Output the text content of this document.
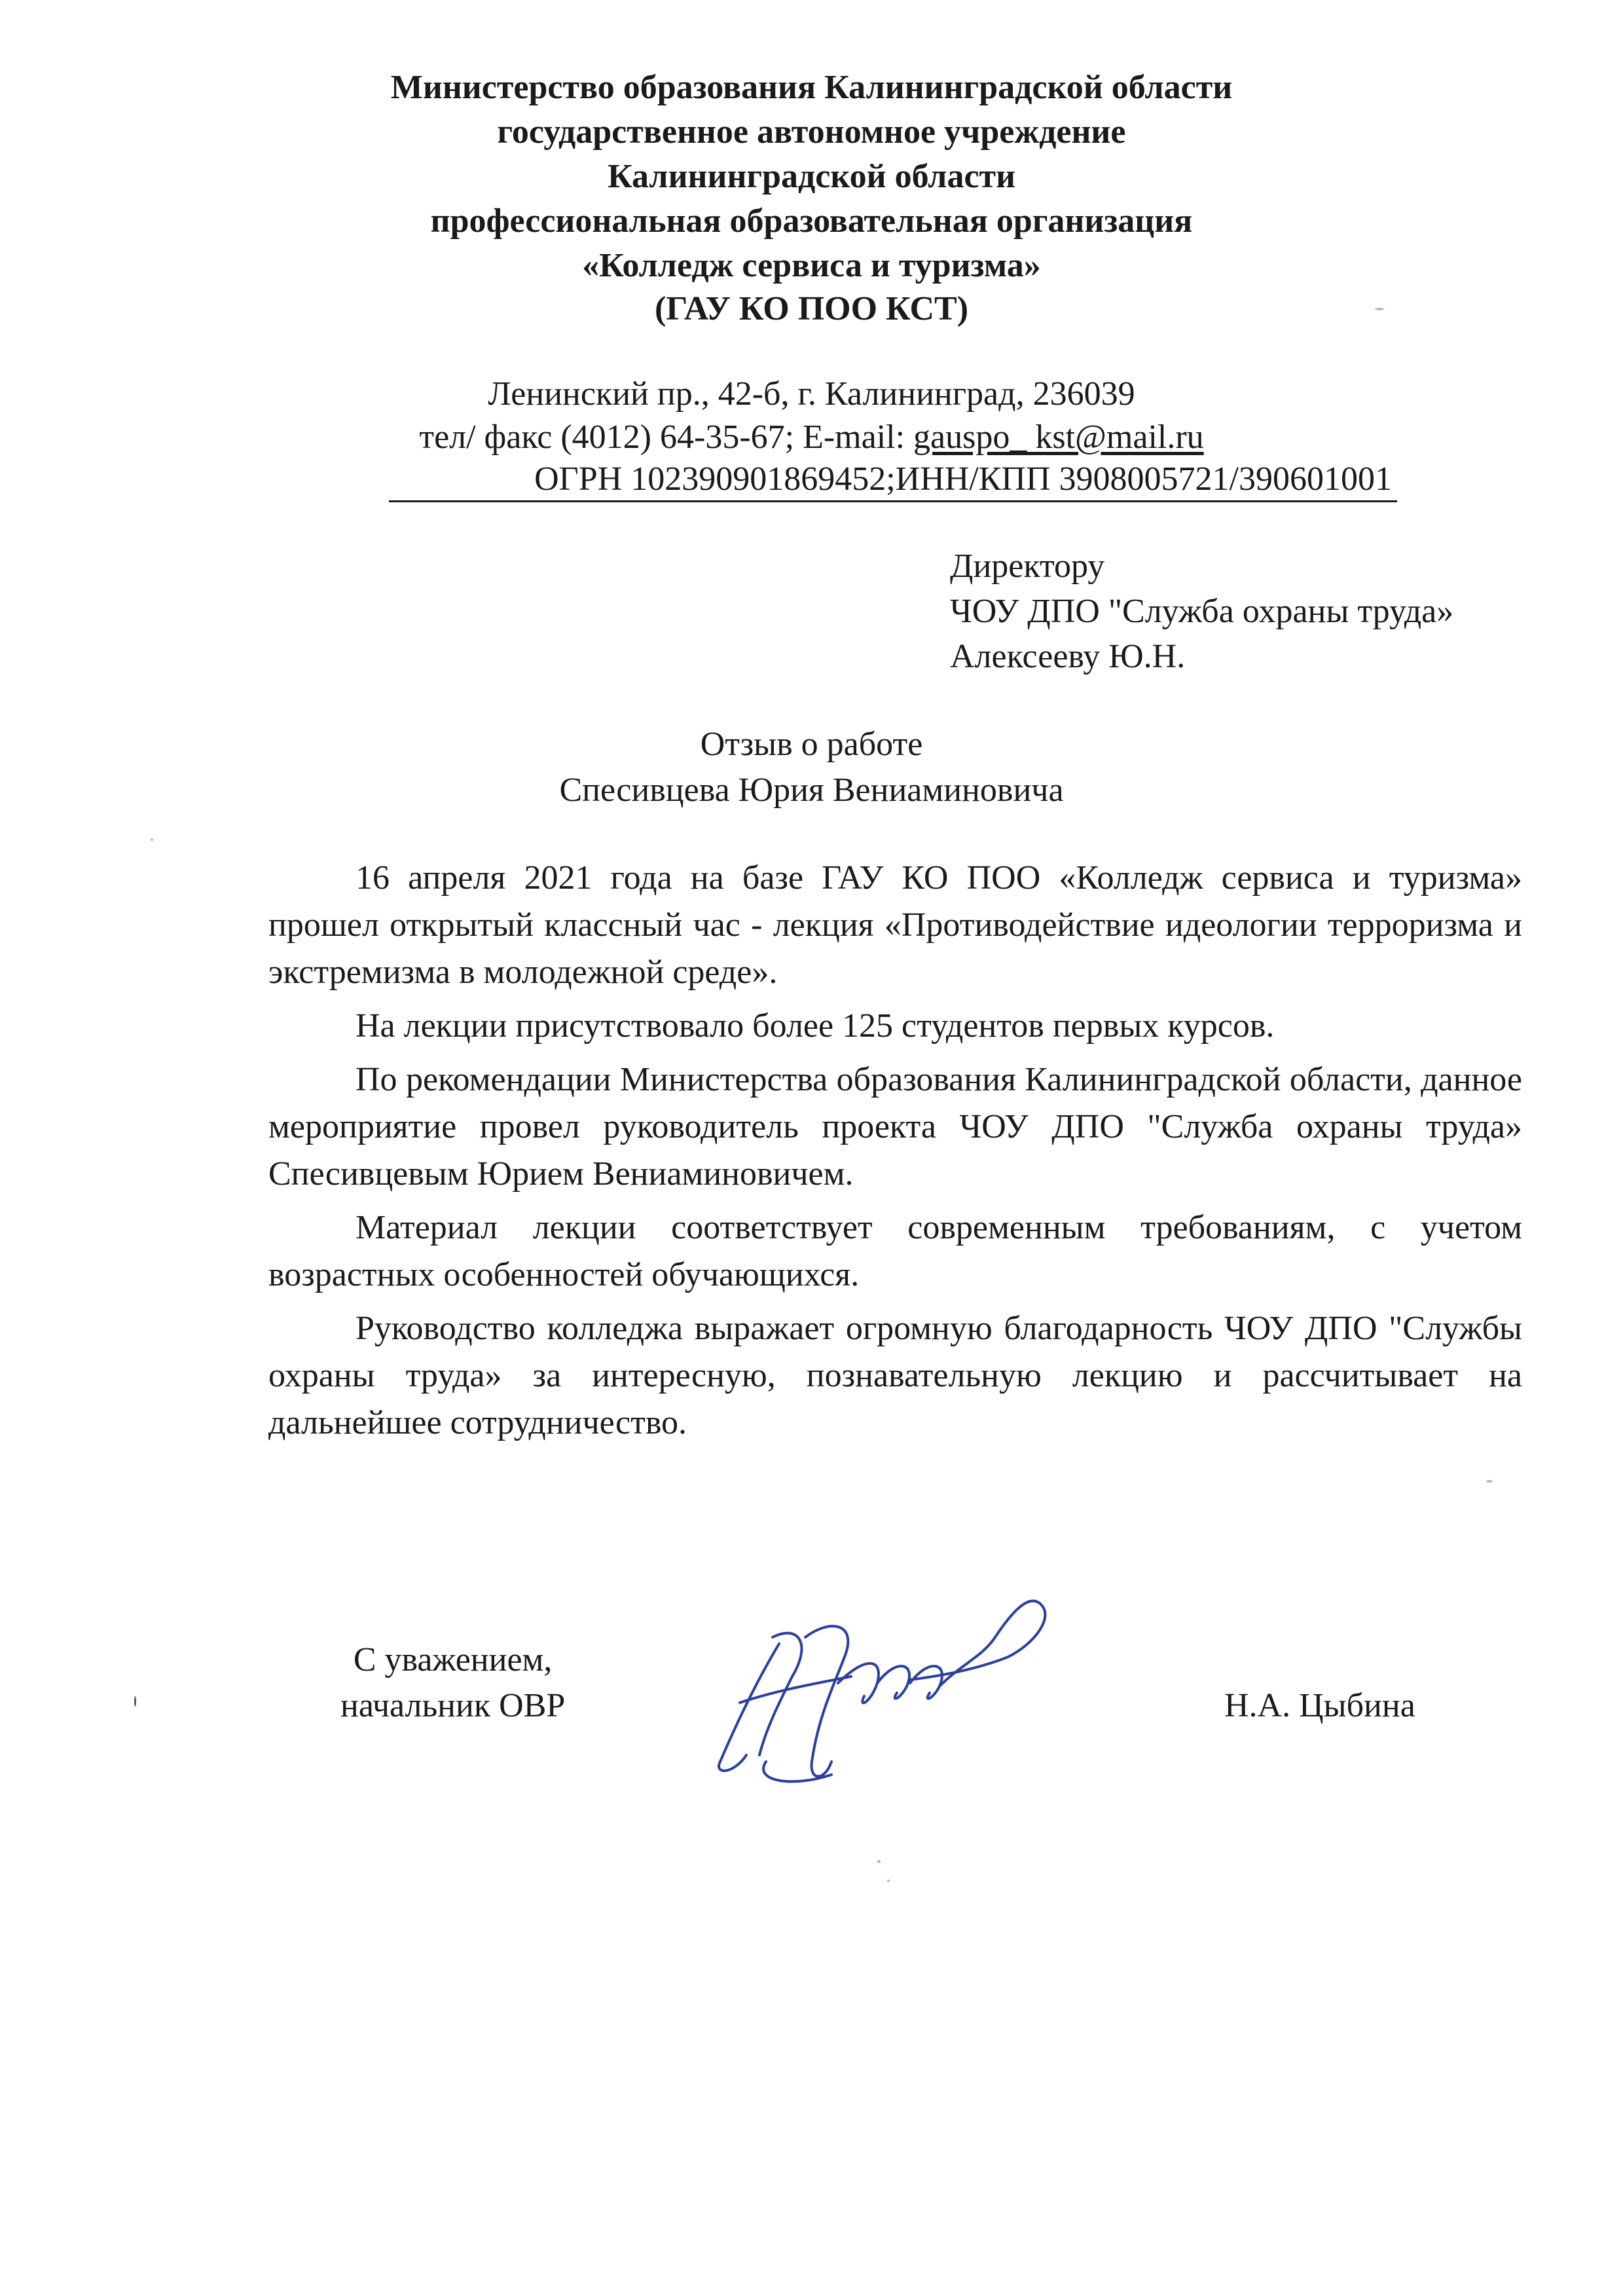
Министерство образования Калининградской области
государственное автономное учреждение
Калининградской области
профессиональная образовательная организация
«Колледж сервиса и туризма»
(ГАУ КО ПОО КСТ)
Ленинский пр., 42-б, г. Калининград, 236039
тел/ факс (4012) 64-35-67; E-mail: gauspo_ kst@mail.ru
ОГРН 102390901869452;ИНН/КПП 3908005721/390601001
Директору
ЧОУ ДПО "Служба охраны труда»
Алексееву Ю.Н.
Отзыв о работе
Спесивцева Юрия Вениаминовича

16 апреля 2021 года на базе ГАУ КО ПОО «Колледж сервиса и туризма» прошел открытый классный час - лекция «Противодействие идеологии терроризма и экстремизма в молодежной среде».

На лекции присутствовало более 125 студентов первых курсов.

По рекомендации Министерства образования Калининградской области, данное мероприятие провел руководитель проекта ЧОУ ДПО "Служба охраны труда» Спесивцевым Юрием Вениаминовичем.

Материал лекции соответствует современным требованиям, с учетом возрастных особенностей обучающихся.

Руководство колледжа выражает огромную благодарность ЧОУ ДПО "Службы охраны труда» за интересную, познавательную лекцию и рассчитывает на дальнейшее сотрудничество.

С уважением,
начальник ОВР	Н.А. Цыбина
